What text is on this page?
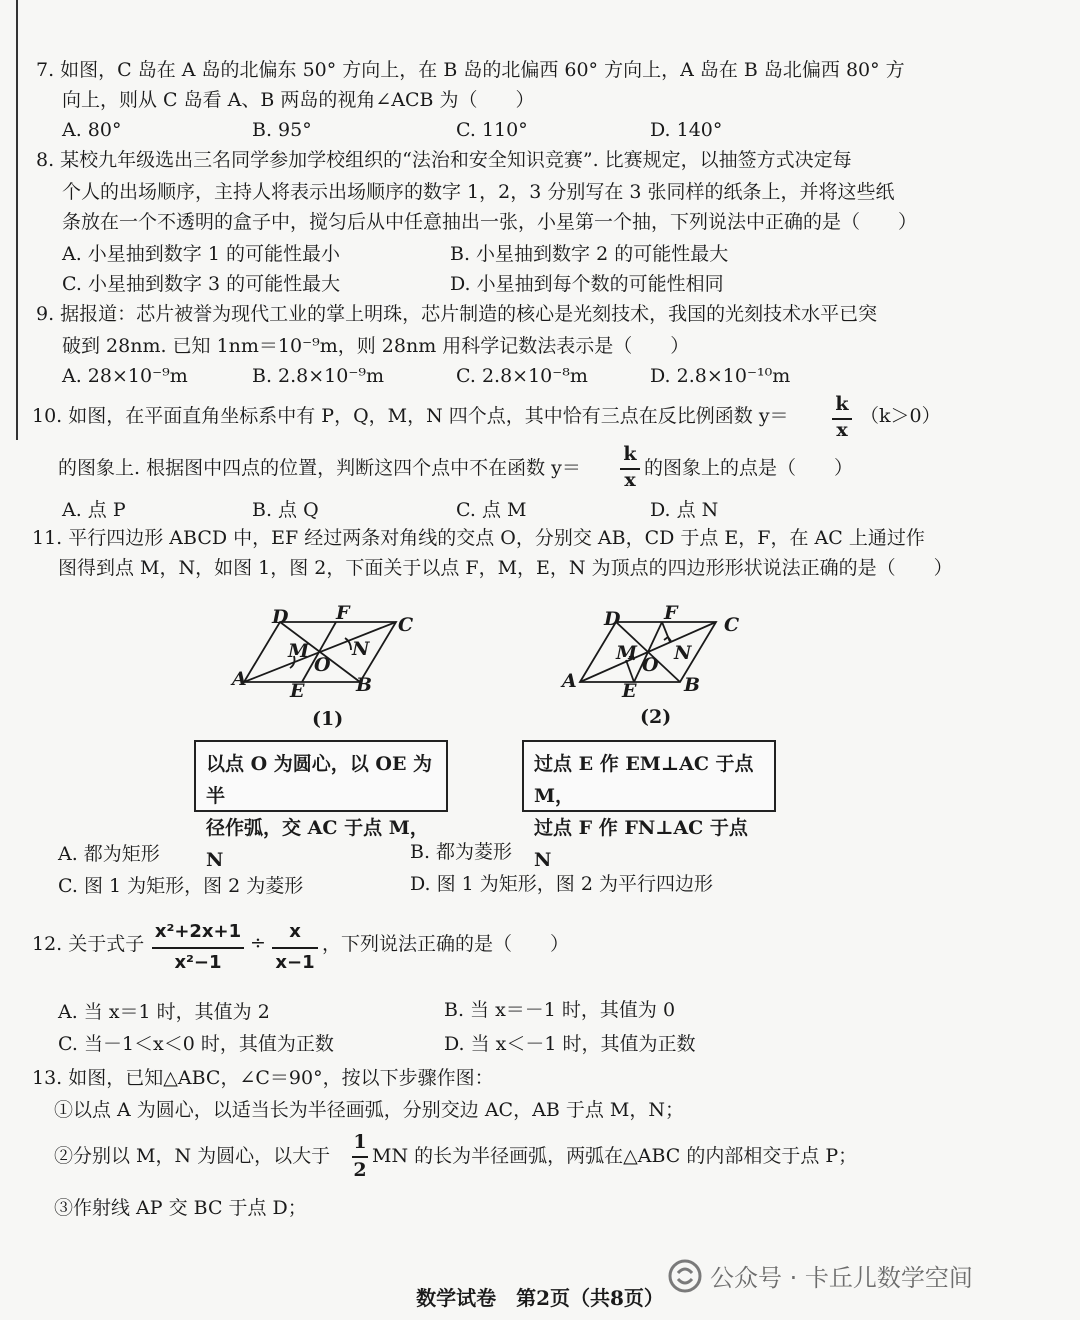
7. 如图，C 岛在 A 岛的北偏东 50° 方向上，在 B 岛的北偏西 60° 方向上，A 岛在 B 岛北偏西 80° 方
向上，则从 C 岛看 A、B 两岛的视角∠ACB 为（　　）
A. 80°	B. 95°	C. 110°	D. 140°
8. 某校九年级选出三名同学参加学校组织的“法治和安全知识竞赛”. 比赛规定，以抽签方式决定每
个人的出场顺序，主持人将表示出场顺序的数字 1，2，3 分别写在 3 张同样的纸条上，并将这些纸
条放在一个不透明的盒子中，搅匀后从中任意抽出一张，小星第一个抽，下列说法中正确的是（　　）
A. 小星抽到数字 1 的可能性最小	B. 小星抽到数字 2 的可能性最大
C. 小星抽到数字 3 的可能性最大	D. 小星抽到每个数的可能性相同
9. 据报道：芯片被誉为现代工业的掌上明珠，芯片制造的核心是光刻技术，我国的光刻技术水平已突
破到 28nm. 已知 1nm＝10⁻⁹m，则 28nm 用科学记数法表示是（　　）
A. 28×10⁻⁹m	B. 2.8×10⁻⁹m	C. 2.8×10⁻⁸m	D. 2.8×10⁻¹⁰m
10. 如图，在平面直角坐标系中有 P，Q，M，N 四个点，其中恰有三点在反比例函数 y＝
k
x
（k＞0）
的图象上. 根据图中四点的位置，判断这四个点中不在函数 y＝
k
x
的图象上的点是（　　）
A. 点 P	B. 点 Q	C. 点 M	D. 点 N
11. 平行四边形 ABCD 中，EF 经过两条对角线的交点 O，分别交 AB，CD 于点 E，F，在 AC 上通过作
图得到点 M，N，如图 1，图 2，下面关于以点 F，M，E，N 为顶点的四边形形状说法正确的是（　　）
A
D	F
C
M N
O
E	B
(1)
A
D F
C
M N
O
E	B
(2)
以点 O 为圆心，以 OE 为半
径作弧，交 AC 于点 M，N
过点 E 作 EM⊥AC 于点 M，
过点 F 作 FN⊥AC 于点 N
A. 都为矩形	B. 都为菱形
C. 图 1 为矩形，图 2 为菱形	D. 图 1 为矩形，图 2 为平行四边形
12. 关于式子
x²+2x+1
x²−1
÷
x
x−1
，下列说法正确的是（　　）
A. 当 x＝1 时，其值为 2	B. 当 x＝－1 时，其值为 0
C. 当－1＜x＜0 时，其值为正数	D. 当 x＜－1 时，其值为正数
13. 如图，已知△ABC，∠C＝90°，按以下步骤作图：
①以点 A 为圆心，以适当长为半径画弧，分别交边 AC，AB 于点 M，N；
②分别以 M，N 为圆心，以大于
1
2
MN 的长为半径画弧，两弧在△ABC 的内部相交于点 P；
③作射线 AP 交 BC 于点 D；
数学试卷　第2页（共8页）
公众号 · 卡丘儿数学空间
